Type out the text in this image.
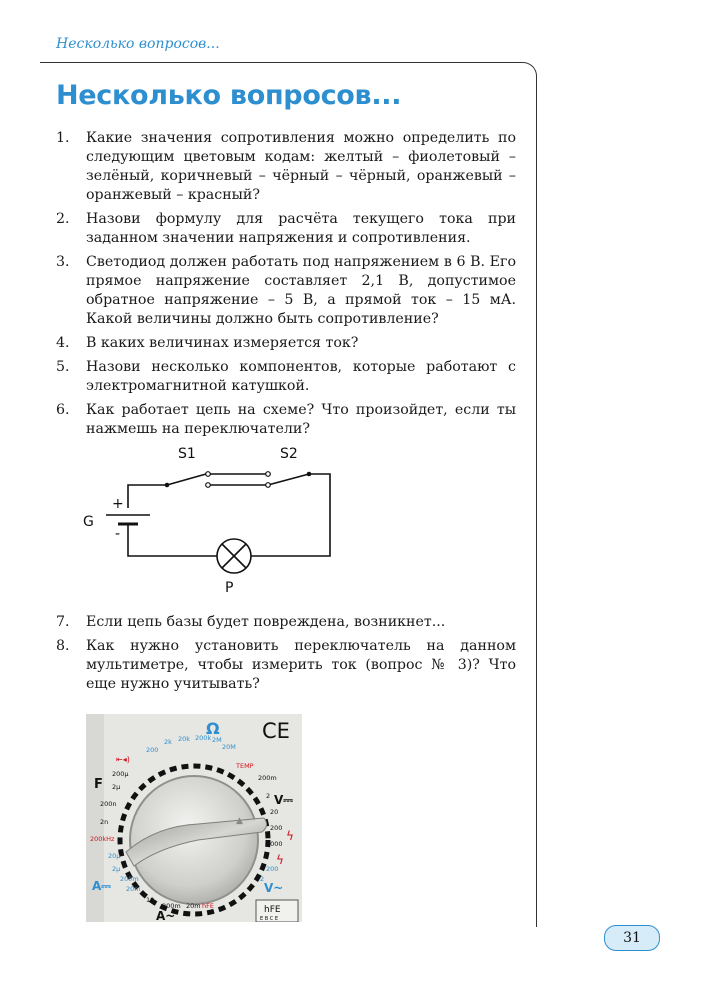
Несколько вопросов...
Несколько вопросов...
1.	Какие значения сопротивления можно определить по следующим цветовым кодам: желтый – фиолетовый – зелёный, коричневый – чёрный – чёрный, оранжевый – оранжевый – красный?
2.	Назови формулу для расчёта текущего тока при заданном значении напряжения и сопротивления.
3.	Светодиод должен работать под напряжением в 6 В. Его прямое напряжение составляет 2,1 В, допустимое обратное напряжение – 5 В, а прямой ток – 15 мА. Какой величины должно быть сопротивление?
4.	В каких величинах измеряется ток?
5.	Назови несколько компонентов, которые работают с электромагнитной катушкой.
6.	Как работает цепь на схеме? Что произойдет, если ты нажмешь на переключатели?
S1	S2
+
-
G
P
7.	Если цепь базы будет повреждена, возникнет...
8.	Как нужно установить переключатель на данном мультиметре, чтобы измерить ток (вопрос № 3)? Что еще нужно учитывать?
▲
Ω CE
200
2k 20k 200k 2M
20M
⇤◂)
200µ
2µ
200n
2n
F
200kHz
20µ
2µ
200m
20m
A⎓
10
200m 20m hFE
A~
TEMP
200m
2
20
200
1000
V⎓
ϟ
ϟ
200
2
V~
hFE
E B C E
31
